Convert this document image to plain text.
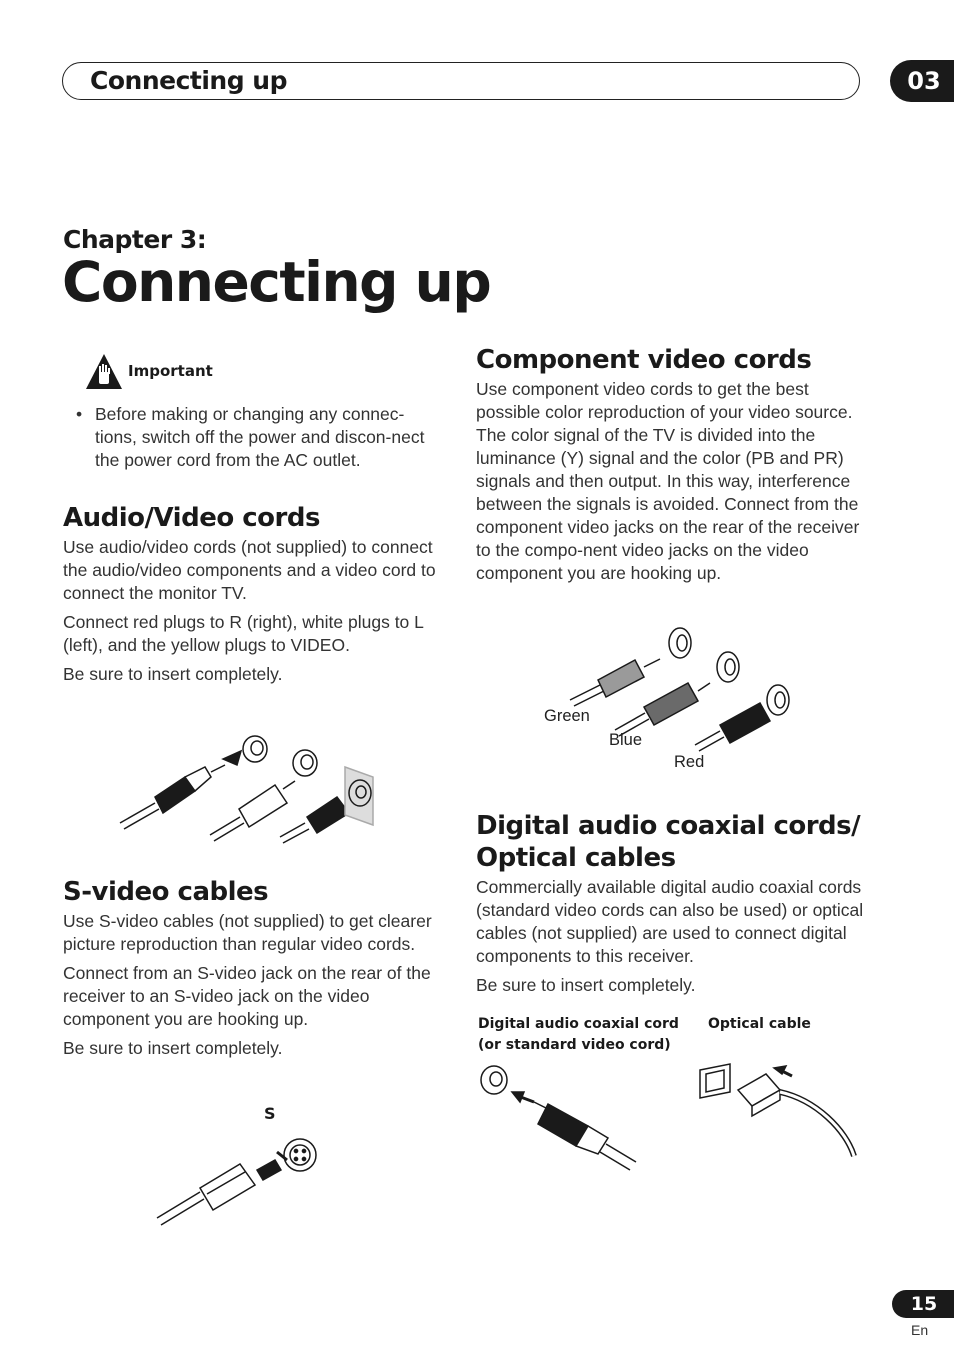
Connecting up	03
Chapter 3:
Connecting up
Important
• Before making or changing any connec-tions, switch off the power and discon-nect the power cord from the AC outlet.
Audio/Video cords

Use audio/video cords (not supplied) to connect the audio/video components and a video cord to connect the monitor TV.

Connect red plugs to R (right), white plugs to L (left), and the yellow plugs to VIDEO.

Be sure to insert completely.

S-video cables

Use S-video cables (not supplied) to get clearer picture reproduction than regular video cords.

Connect from an S-video jack on the rear of the receiver to an S-video jack on the video component you are hooking up.

Be sure to insert completely.

S
Component video cords

Use component video cords to get the best possible color reproduction of your video source. The color signal of the TV is divided into the luminance (Y) signal and the color (PB and PR) signals and then output. In this way, interference between the signals is avoided. Connect from the component video jacks on the rear of the receiver to the compo-nent video jacks on the video component you are hooking up.

Green
Blue
Red
Digital audio coaxial cords/
Optical cables

Commercially available digital audio coaxial cords (standard video cords can also be used) or optical cables (not supplied) are used to connect digital components to this receiver.

Be sure to insert completely.

Digital audio coaxial cord
(or standard video cord)
Optical cable
15
En
